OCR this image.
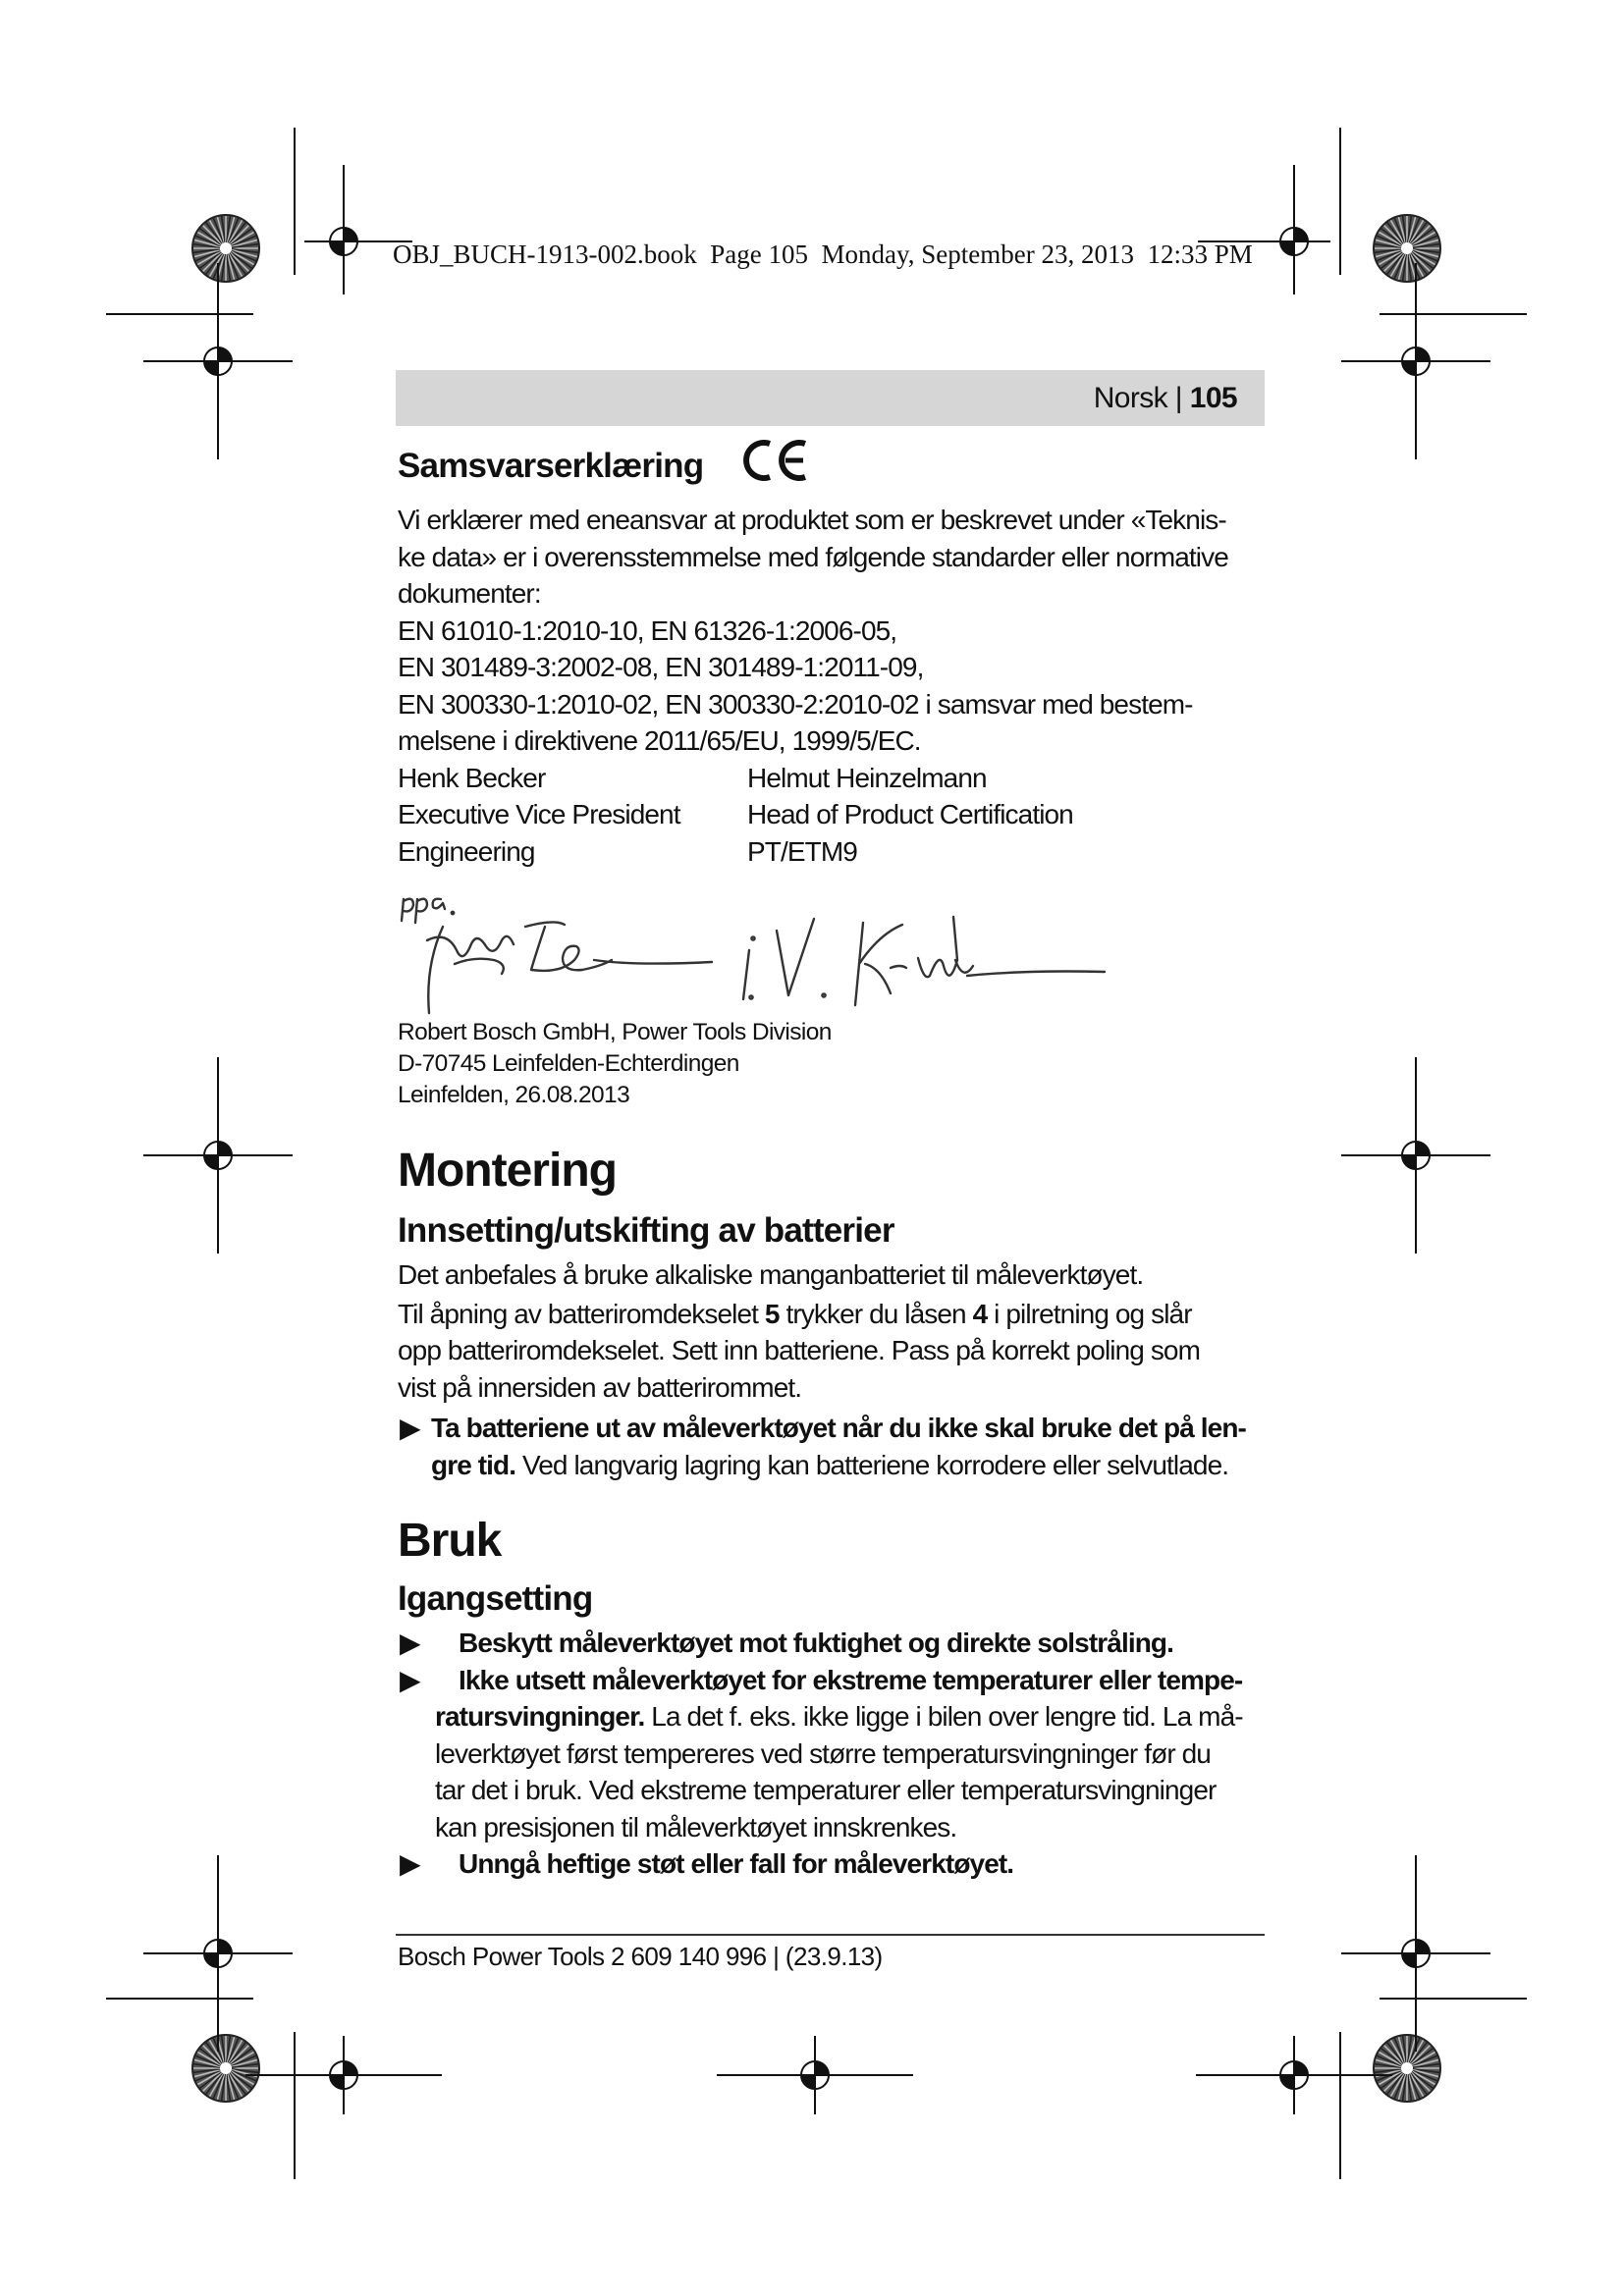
OBJ_BUCH-1913-002.book Page 105 Monday, September 23, 2013 12:33 PM
Norsk | 105
Samsvarserklæring

Vi erklærer med eneansvar at produktet som er beskrevet under «Teknis-

ke data» er i overensstemmelse med følgende standarder eller normative

dokumenter:

EN 61010-1:2010-10, EN 61326-1:2006-05,

EN 301489-3:2002-08, EN 301489-1:2011-09,

EN 300330-1:2010-02, EN 300330-2:2010-02 i samsvar med bestem-

melsene i direktivene 2011/65/EU, 1999/5/EC.

Henk Becker	Helmut Heinzelmann
Executive Vice President	Head of Product Certification
Engineering	PT/ETM9

Robert Bosch GmbH, Power Tools Division

D-70745 Leinfelden-Echterdingen

Leinfelden, 26.08.2013

Montering
Innsetting/utskifting av batterier

Det anbefales å bruke alkaliske manganbatteriet til måleverktøyet.

Til åpning av batteriromdekselet 5 trykker du låsen 4 i pilretning og slår

opp batteriromdekselet. Sett inn batteriene. Pass på korrekt poling som

vist på innersiden av batterirommet.

▶ Ta batteriene ut av måleverktøyet når du ikke skal bruke det på len-

gre tid. Ved langvarig lagring kan batteriene korrodere eller selvutlade.

Bruk
Igangsetting
▶	Beskytt måleverktøyet mot fuktighet og direkte solstråling.

▶	Ikke utsett måleverktøyet for ekstreme temperaturer eller tempe-

ratursvingninger. La det f. eks. ikke ligge i bilen over lengre tid. La må-

leverktøyet først tempereres ved større temperatursvingninger før du

tar det i bruk. Ved ekstreme temperaturer eller temperatursvingninger

kan presisjonen til måleverktøyet innskrenkes.

▶	Unngå heftige støt eller fall for måleverktøyet.

Bosch Power Tools 2 609 140 996 | (23.9.13)
